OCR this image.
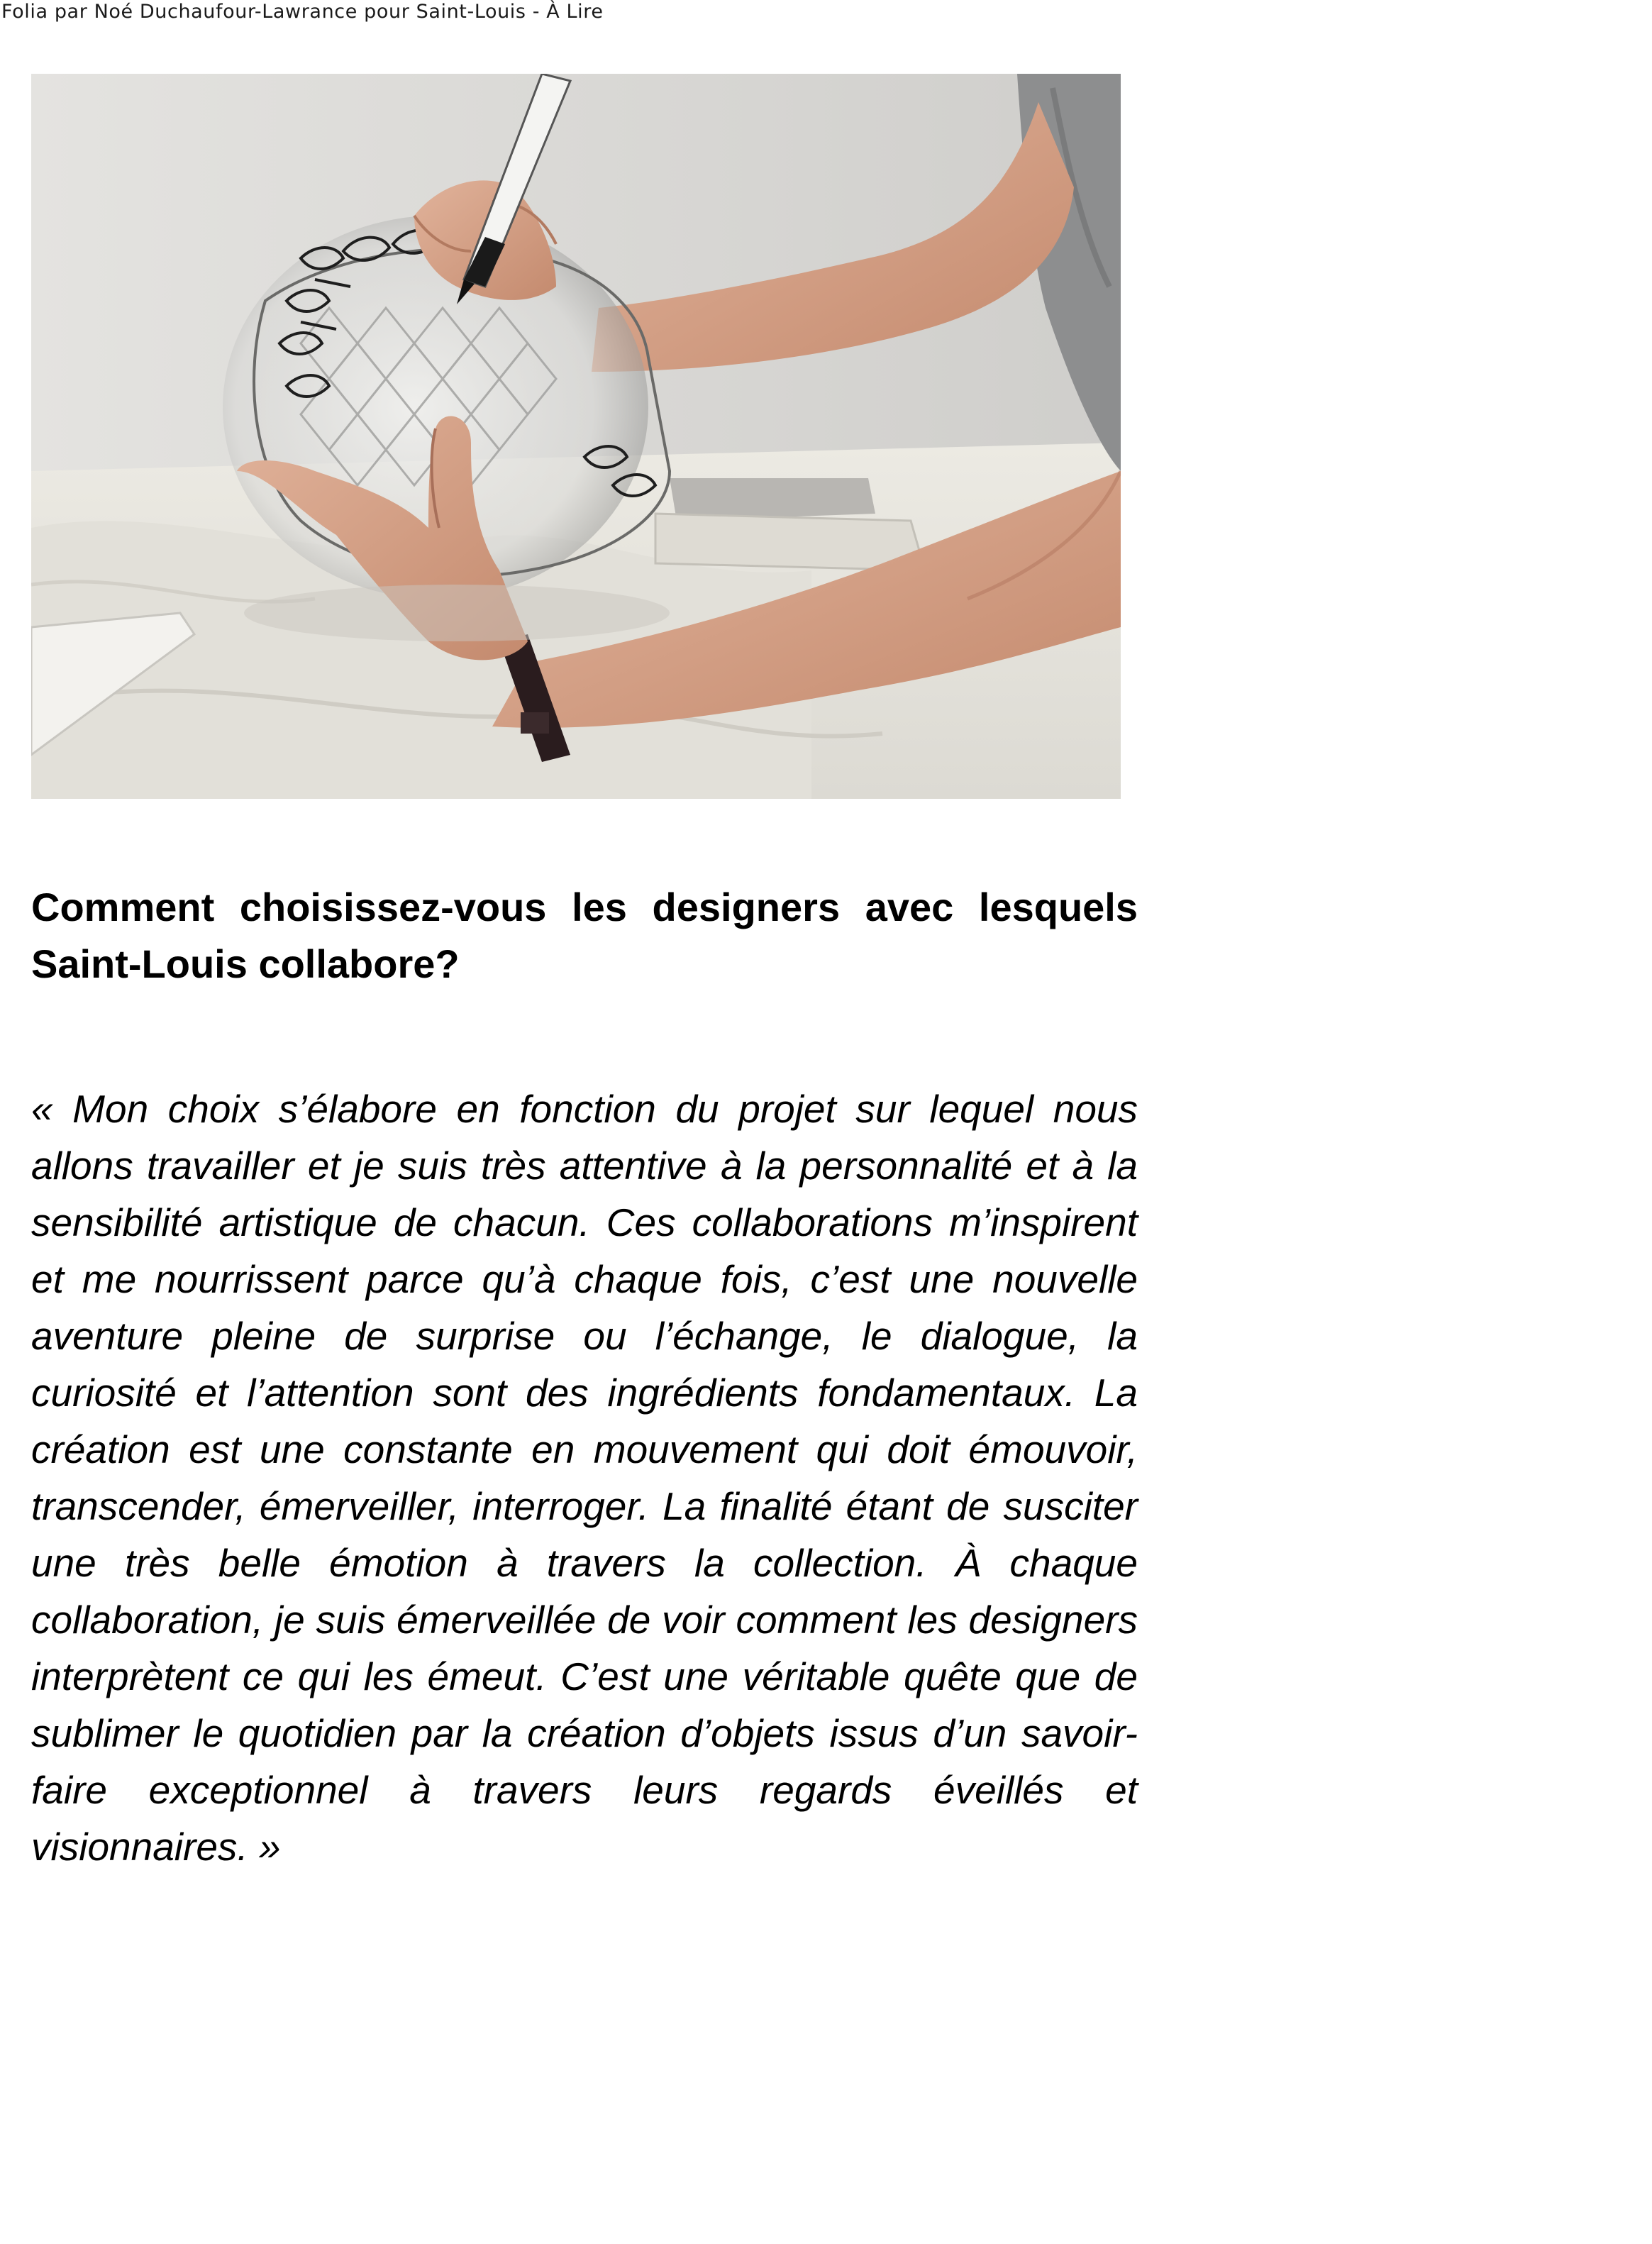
Folia par Noé Duchaufour-Lawrance pour Saint-Louis - À Lire
Comment choisissez-vous les designers avec lesquels Saint-Louis collabore?

« Mon choix s’élabore en fonction du projet sur lequel nous allons travailler et je suis très attentive à la personnalité et à la sensibilité artistique de chacun. Ces collaborations m’inspirent et me nourrissent parce qu’à chaque fois, c’est une nouvelle aventure pleine de surprise ou l’échange, le dialogue, la curiosité et l’attention sont des ingrédients fondamentaux. La création est une constante en mouvement qui doit émouvoir, transcender, émerveiller, interroger. La finalité étant de susciter une très belle émotion à travers la collection. À chaque collaboration, je suis émerveillée de voir comment les designers interprètent ce qui les émeut. C’est une véritable quête que de sublimer le quotidien par la création d’objets issus d’un savoir-faire exceptionnel à travers leurs regards éveillés et visionnaires. »
